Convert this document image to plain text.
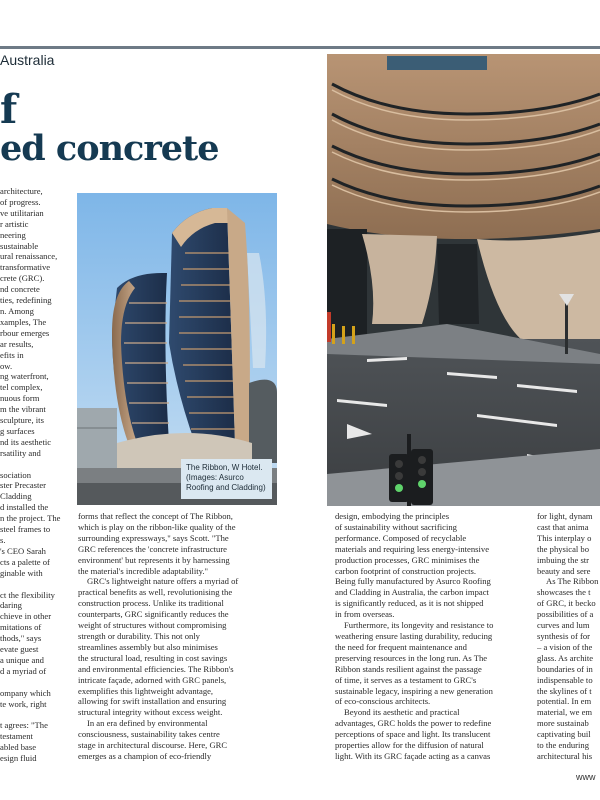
Australia
f
ed concrete

architecture,

of progress.

ve utilitarian

r artistic

neering

sustainable

ural renaissance,

transformative

crete (GRC).

nd concrete

ties, redefining

n. Among

xamples, The

rbour emerges

ar results,

efits in

ow.

ng waterfront,

tel complex,

nuous form

m the vibrant

sculpture, its

g surfaces

nd its aesthetic

rsatility and

sociation

ster Precaster

Cladding

d installed the

n the project. The

steel frames to

s.

's CEO Sarah

cts a palette of

ginable with

ct the flexibility

daring

chieve in other

mitations of

thods," says

evate guest

a unique and

d a myriad of

ompany which

te work, right

t agrees: "The

testament

abled base

esign fluid

The Ribbon, W Hotel.
(Images: Asurco
Roofing and Cladding)

forms that reflect the concept of The Ribbon,

which is play on the ribbon-like quality of the

surrounding expressways," says Scott. "The

GRC references the 'concrete infrastructure

environment' but represents it by harnessing

the material's incredible adaptability."

GRC's lightweight nature offers a myriad of

practical benefits as well, revolutionising the

construction process. Unlike its traditional

counterparts, GRC significantly reduces the

weight of structures without compromising

strength or durability. This not only

streamlines assembly but also minimises

the structural load, resulting in cost savings

and environmental efficiencies. The Ribbon's

intricate façade, adorned with GRC panels,

exemplifies this lightweight advantage,

allowing for swift installation and ensuring

structural integrity without excess weight.

In an era defined by environmental

consciousness, sustainability takes centre

stage in architectural discourse. Here, GRC

emerges as a champion of eco-friendly

design, embodying the principles

of sustainability without sacrificing

performance. Composed of recyclable

materials and requiring less energy-intensive

production processes, GRC minimises the

carbon footprint of construction projects.

Being fully manufactured by Asurco Roofing

and Cladding in Australia, the carbon impact

is significantly reduced, as it is not shipped

in from overseas.

Furthermore, its longevity and resistance to

weathering ensure lasting durability, reducing

the need for frequent maintenance and

preserving resources in the long run. As The

Ribbon stands resilient against the passage

of time, it serves as a testament to GRC's

sustainable legacy, inspiring a new generation

of eco-conscious architects.

Beyond its aesthetic and practical

advantages, GRC holds the power to redefine

perceptions of space and light. Its translucent

properties allow for the diffusion of natural

light. With its GRC façade acting as a canvas

for light, dynam

cast that anima

This interplay o

the physical bo

imbuing the str

beauty and sere

As The Ribbon

showcases the t

of GRC, it becko

possibilities of a

curves and lum

synthesis of for

– a vision of the

glass. As archite

boundaries of in

indispensable to

the skylines of t

potential. In em

material, we em

more sustainab

captivating buil

to the enduring

architectural his

www
